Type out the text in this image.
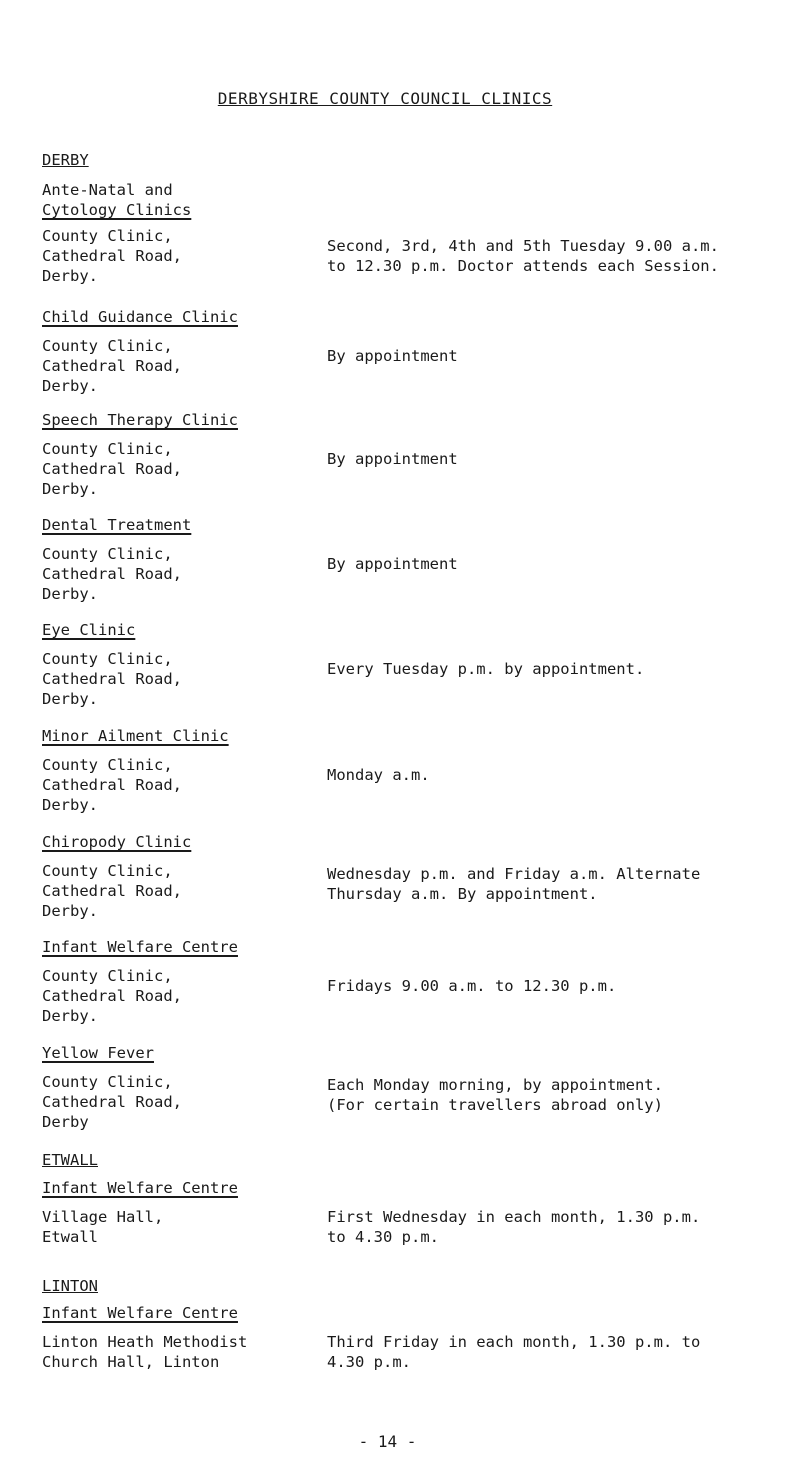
DERBYSHIRE COUNTY COUNCIL CLINICS
DERBY
Ante-Natal and
Cytology Clinics
County Clinic,
Cathedral Road,
Derby.
Second, 3rd, 4th and 5th Tuesday 9.00 a.m.
to 12.30 p.m. Doctor attends each Session.
Child Guidance Clinic
County Clinic,
Cathedral Road,
Derby.
By appointment
Speech Therapy Clinic
County Clinic,
Cathedral Road,
Derby.
By appointment
Dental Treatment
County Clinic,
Cathedral Road,
Derby.
By appointment
Eye Clinic
County Clinic,
Cathedral Road,
Derby.
Every Tuesday p.m. by appointment.
Minor Ailment Clinic
County Clinic,
Cathedral Road,
Derby.
Monday a.m.
Chiropody Clinic
County Clinic,
Cathedral Road,
Derby.
Wednesday p.m. and Friday a.m. Alternate
Thursday a.m. By appointment.
Infant Welfare Centre
County Clinic,
Cathedral Road,
Derby.
Fridays 9.00 a.m. to 12.30 p.m.
Yellow Fever
County Clinic,
Cathedral Road,
Derby
Each Monday morning, by appointment.
(For certain travellers abroad only)
ETWALL
Infant Welfare Centre
Village Hall,
Etwall
First Wednesday in each month, 1.30 p.m.
to 4.30 p.m.
LINTON
Infant Welfare Centre
Linton Heath Methodist
Church Hall, Linton
Third Friday in each month, 1.30 p.m. to
4.30 p.m.
- 14 -
